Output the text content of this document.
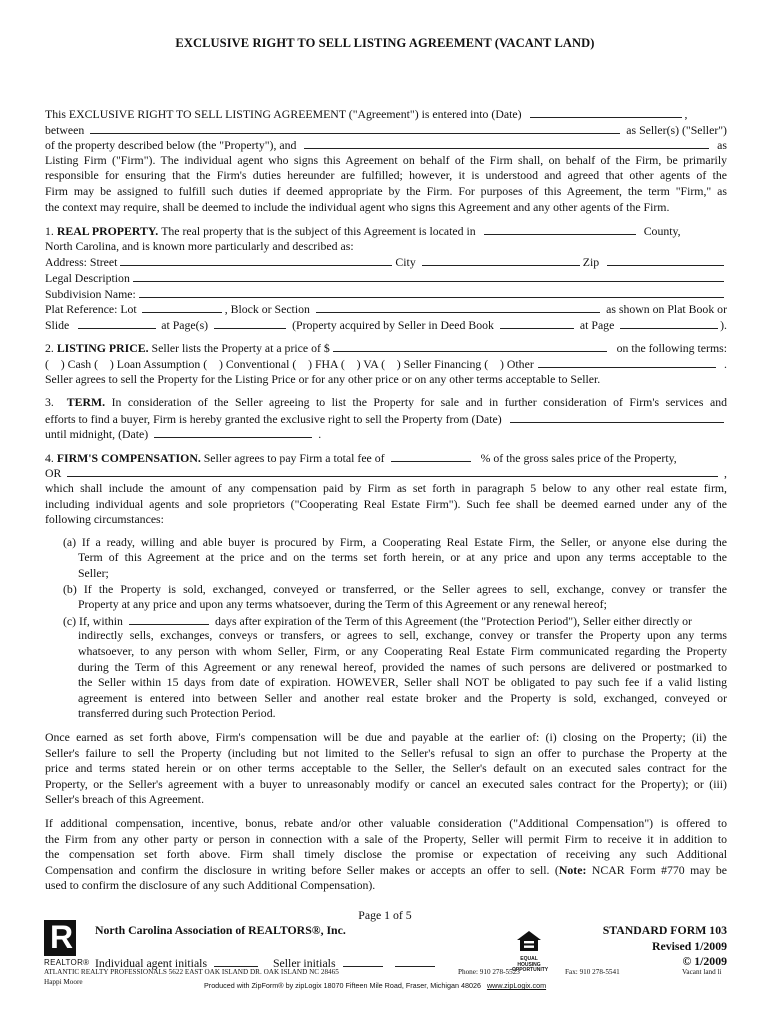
EXCLUSIVE RIGHT TO SELL LISTING AGREEMENT (VACANT LAND)
This EXCLUSIVE RIGHT TO SELL LISTING AGREEMENT ("Agreement") is entered into (Date)	,
between	as Seller(s) ("Seller")
of the property described below (the "Property"), and	as
Listing Firm ("Firm"). The individual agent who signs this Agreement on behalf of the Firm shall, on behalf of the Firm, be primarily
responsible for ensuring that the Firm's duties hereunder are fulfilled; however, it is understood and agreed that other agents of the
Firm may be assigned to fulfill such duties if deemed appropriate by the Firm. For purposes of this Agreement, the term "Firm," as
the context may require, shall be deemed to include the individual agent who signs this Agreement and any other agents of the Firm.
1.
REAL PROPERTY.
The real property that is the subject of this Agreement is located in	County,
North Carolina, and is known more particularly and described as:
Address: Street	City	Zip
Legal Description
Subdivision Name:
Plat Reference: Lot	, Block or Section	as shown on Plat Book or
Slide	at Page(s)	(Property acquired by Seller in Deed Book	at Page	).
2.
LISTING PRICE.
Seller lists the Property at a price of $	on the following terms:
(    ) Cash (    ) Loan Assumption (    ) Conventional (    ) FHA (    ) VA (    ) Seller Financing (    ) Other	.
Seller agrees to sell the Property for the Listing Price or for any other price or on any other terms acceptable to Seller.
3. TERM. In consideration of the Seller agreeing to list the Property for sale and in further consideration of Firm's services and
efforts to find a buyer, Firm is hereby granted the exclusive right to sell the Property from (Date)
until midnight, (Date)	.
4.
FIRM'S COMPENSATION.
Seller agrees to pay Firm a total fee of	% of the gross sales price of the Property,
OR	,
which shall include the amount of any compensation paid by Firm as set forth in paragraph 5 below to any other real estate firm,
including individual agents and sole proprietors ("Cooperating Real Estate Firm"). Such fee shall be deemed earned under any of the
following circumstances:
(a) If a ready, willing and able buyer is procured by Firm, a Cooperating Real Estate Firm, the Seller, or anyone else during the
Term of this Agreement at the price and on the terms set forth herein, or at any price and upon any terms acceptable to the
Seller;
(b) If the Property is sold, exchanged, conveyed or transferred, or the Seller agrees to sell, exchange, convey or transfer the
Property at any price and upon any terms whatsoever, during the Term of this Agreement or any renewal hereof;
(c) If, within	days after expiration of the Term of this Agreement (the "Protection Period"), Seller either directly or
indirectly sells, exchanges, conveys or transfers, or agrees to sell, exchange, convey or transfer the Property upon any terms
whatsoever, to any person with whom Seller, Firm, or any Cooperating Real Estate Firm communicated regarding the Property
during the Term of this Agreement or any renewal hereof, provided the names of such persons are delivered or postmarked to
the Seller within 15 days from date of expiration. HOWEVER, Seller shall NOT be obligated to pay such fee if a valid listing
agreement is entered into between Seller and another real estate broker and the Property is sold, exchanged, conveyed or
transferred during such Protection Period.
Once earned as set forth above, Firm's compensation will be due and payable at the earlier of: (i) closing on the Property; (ii) the
Seller's failure to sell the Property (including but not limited to the Seller's refusal to sign an offer to purchase the Property at the
price and terms stated herein or on other terms acceptable to the Seller, the Seller's default on an executed sales contract for the
Property, or the Seller's agreement with a buyer to unreasonably modify or cancel an executed sales contract for the Property); or (iii)
Seller's breach of this Agreement.
If additional compensation, incentive, bonus, rebate and/or other valuable consideration ("Additional Compensation") is offered to
the Firm from any other party or person in connection with a sale of the Property, Seller will permit Firm to receive it in addition to
the compensation set forth above. Firm shall timely disclose the promise or expectation of receiving any such Additional
Compensation and confirm the disclosure in writing before Seller makes or accepts an offer to sell. (Note: NCAR Form #770 may be
used to confirm the disclosure of any such Additional Compensation).
Page 1 of 5
R
REALTOR®
North Carolina Association of REALTORS®, Inc.
EQUAL HOUSING OPPORTUNITY
STANDARD FORM 103
Revised 1/2009
© 1/2009
Individual agent initials	Seller initials
ATLANTIC REALTY PROFESSIONALS 5622 EAST OAK ISLAND DR. OAK ISLAND NC 28465	Phone: 910 278-5523	Fax: 910 278-5541	Vacant land li
Happi Moore	Produced with ZipForm® by zipLogix 18070 Fifteen Mile Road, Fraser, Michigan 48026 www.zipLogix.com
